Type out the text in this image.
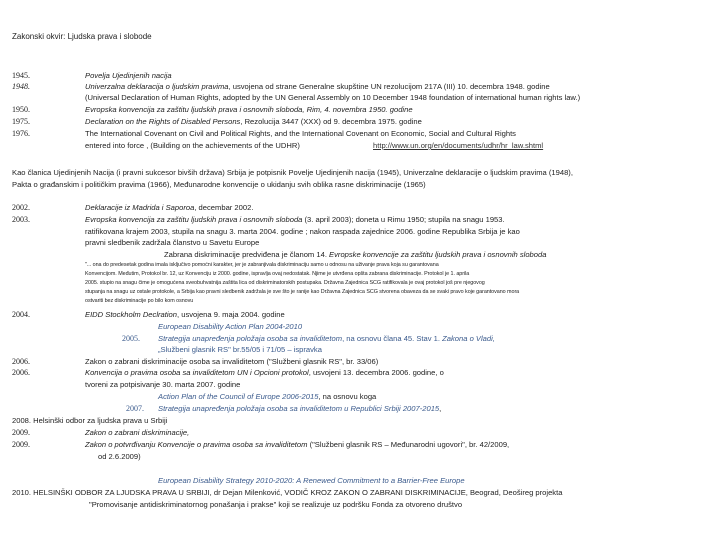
Zakonski okvir: Ljudska prava i slobode
1945.	Povelja Ujedinjenih nacija
1948.	Univerzalna deklaracija o ljudskim pravima, usvojena od strane Generalne skupštine UN rezolucijom 217A (III) 10. decembra 1948. godine
(Universal Declaration of Human Rights, adopted by the UN General Assembly on 10 December 1948 foundation of international human rights law.)
1950.	Evropska konvencija za zaštitu ljudskih prava i osnovnih sloboda, Rim, 4. novembra 1950. godine
1975.	Declaration on the Rights of Disabled Persons, Rezolucija 3447 (XXX) od 9. decembra 1975. godine
1976.	The International Covenant on Civil and Political Rights, and the International Covenant on Economic, Social and Cultural Rights
entered into force , (Building on the achievements of the UDHR)	http://www.un.org/en/documents/udhr/hr_law.shtml
Kao članica Ujedinjenih Nacija (i pravni sukcesor bivših država) Srbija je potpisnik Povelje Ujedinjenih nacija (1945), Univerzalne deklaracije o ljudskim pravima (1948),
Pakta o građanskim i političkim pravima (1966), Međunarodne konvencije o ukidanju svih oblika rasne diskriminacije (1965)
2002.	Deklaracije iz Madrida i Saporoa, decembar 2002.
2003.	Evropska konvencija za zaštitu ljudskih prava i osnovnih sloboda (3. april 2003); doneta u Rimu 1950; stupila na snagu 1953.
ratifikovana krajem 2003, stupila na snagu 3. marta 2004. godine ; nakon raspada zajednice 2006. godine Republika Srbija je kao
pravni sledbenik zadržala članstvo u Savetu Europe
Zabrana diskriminacije predviđena je članom 14. Evropske konvencije za zaštitu ljudskih prava i osnovnih sloboda
"... ona do predesetak godina imala isključivo pomoćni karakter, jer je zabranjivala diskriminaciju samo u odnosu na uživanje prava koja su garantovana
Konvencijom. Međutim, Protokol br. 12, uz Konvenciju iz 2000. godine, ispravlja ovaj nedostatak. Njime je utvrđena opšta zabrana diskriminacije. Protokol je 1. aprila
2005. stupio na snagu čime je omogućena sveobuhvatnija zaštita lica od diskriminatorskih postupaka. Državna Zajednica SCG ratifikovala je ovaj protokol još pre njegovog
stupanja na snagu uz ostale protokole, a Srbija kao pravni sledbenik zadržala je sve što je ranije kao Državna Zajednica SCG stvorena obaveza da se svaki pravo koje garantovano mora
ostvariti bez diskriminacije po bilo kom osnovu
2004.	EIDD Stockholm Declration, usvojena 9. maja 2004. godine
European Disability Action Plan 2004-2010
2005. Strategija unapređenja položaja osoba sa invaliditetom, na osnovu člana 45. Stav 1. Zakona o Vladi,
„Službeni glasnik RS" br.55/05 i 71/05 – ispravka
2006.	Zakon o zabrani diskriminacije osoba sa invaliditetom ("Službeni glasnik RS", br. 33/06)
2006.	Konvencija o pravima osoba sa invaliditetom UN i Opcioni protokol, usvojeni 13. decembra 2006. godine, o
tvoreni za potpisivanje 30. marta 2007. godine
Action Plan of the Council of Europe 2006-2015, na osnovu koga
2007. Strategija unapređenja položaja osoba sa invaliditetom u Republici Srbiji 2007-2015,
2008. Helsinški odbor za ljudska prava u Srbiji
2009.	Zakon o zabrani diskriminacije,
2009.	Zakon o potvrđivanju Konvencije o pravima osoba sa invaliditetom ("Službeni glasnik RS – Međunarodni ugovori", br. 42/2009,
od 2.6.2009)
European Disability Strategy 2010-2020: A Renewed Commitment to a Barrier-Free Europe
2010. HELSINŠKI ODBOR ZA LJUDSKA PRAVA U SRBIJI, dr Dejan Milenković, VODIČ KROZ ZAKON O ZABRANI DISKRIMINACIJE, Beograd, Deošireg projekta
"Promovisanje antidiskriminatornog ponašanja i prakse" koji se realizuje uz podršku Fonda za otvoreno društvo
